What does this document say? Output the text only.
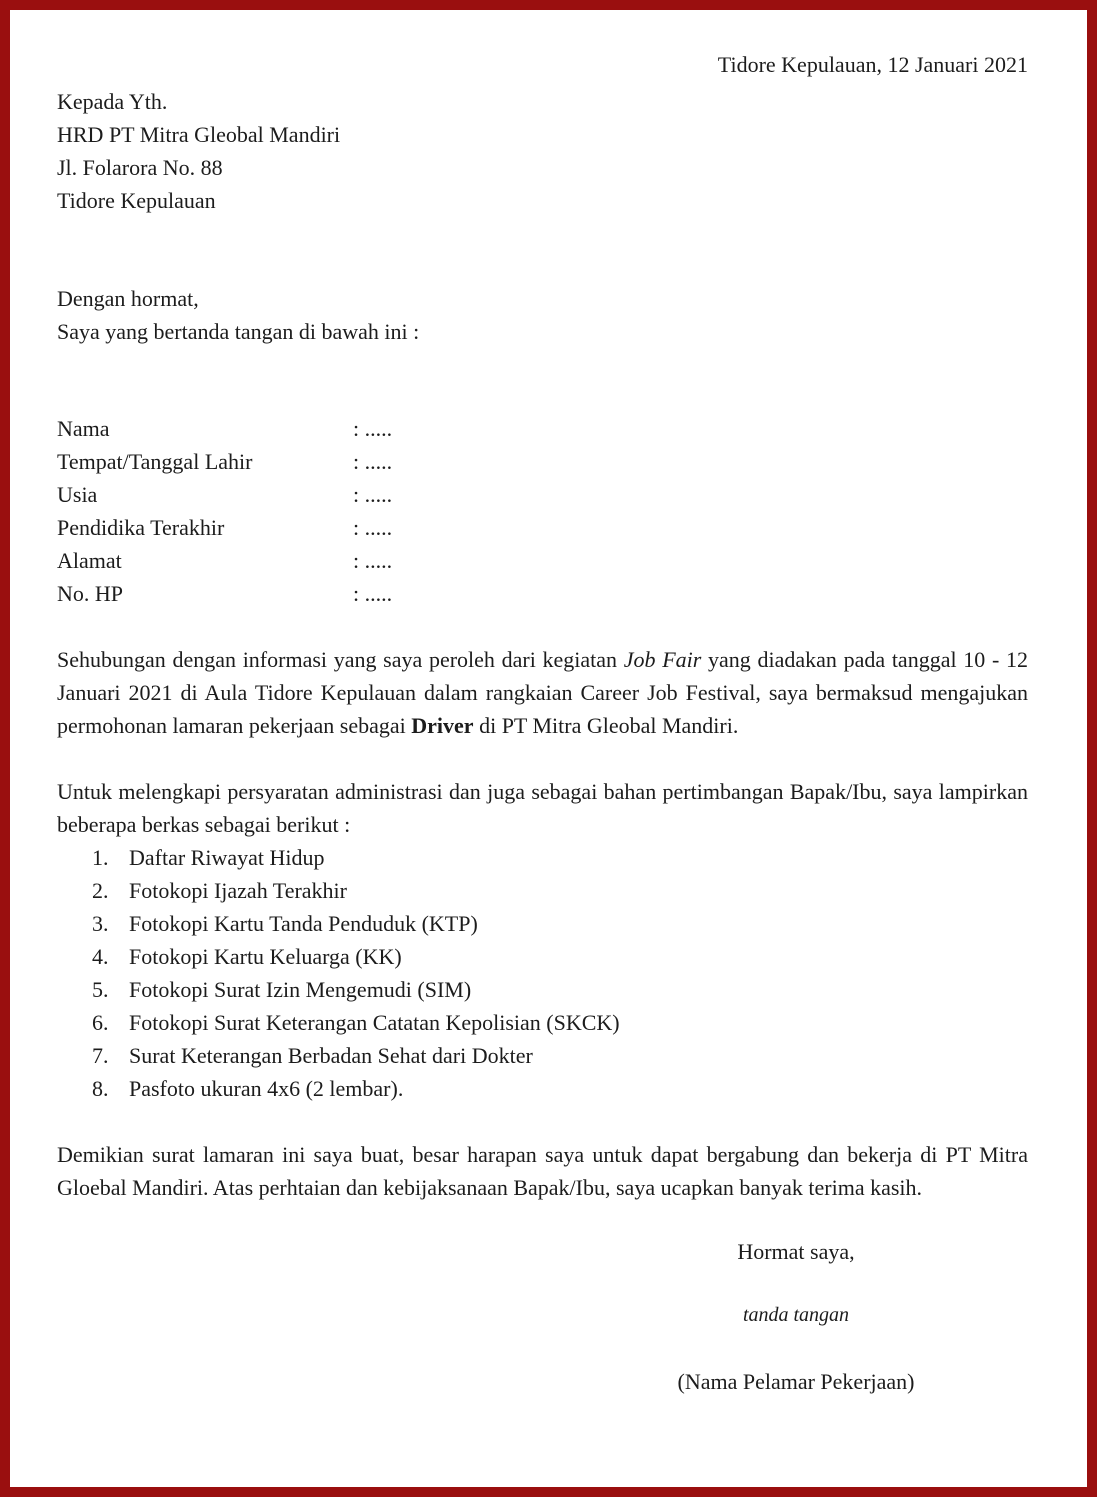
Tidore Kepulauan, 12 Januari 2021
Kepada Yth.
HRD PT Mitra Gleobal Mandiri
Jl. Folarora No. 88
Tidore Kepulauan
Dengan hormat,
Saya yang bertanda tangan di bawah ini :
Nama	: .....
Tempat/Tanggal Lahir	: .....
Usia	: .....
Pendidika Terakhir	: .....
Alamat	: .....
No. HP	: .....
Sehubungan dengan informasi yang saya peroleh dari kegiatan Job Fair yang diadakan pada tanggal 10 - 12 Januari 2021 di Aula Tidore Kepulauan dalam rangkaian Career Job Festival, saya bermaksud mengajukan permohonan lamaran pekerjaan sebagai Driver di PT Mitra Gleobal Mandiri.
Untuk melengkapi persyaratan administrasi dan juga sebagai bahan pertimbangan Bapak/Ibu, saya lampirkan beberapa berkas sebagai berikut :
1. Daftar Riwayat Hidup
2. Fotokopi Ijazah Terakhir
3. Fotokopi Kartu Tanda Penduduk (KTP)
4. Fotokopi Kartu Keluarga (KK)
5. Fotokopi Surat Izin Mengemudi (SIM)
6. Fotokopi Surat Keterangan Catatan Kepolisian (SKCK)
7. Surat Keterangan Berbadan Sehat dari Dokter
8. Pasfoto ukuran 4x6 (2 lembar).
Demikian surat lamaran ini saya buat, besar harapan saya untuk dapat bergabung dan bekerja di PT Mitra Gloebal Mandiri. Atas perhtaian dan kebijaksanaan Bapak/Ibu, saya ucapkan banyak terima kasih.
Hormat saya,
tanda tangan
(Nama Pelamar Pekerjaan)
